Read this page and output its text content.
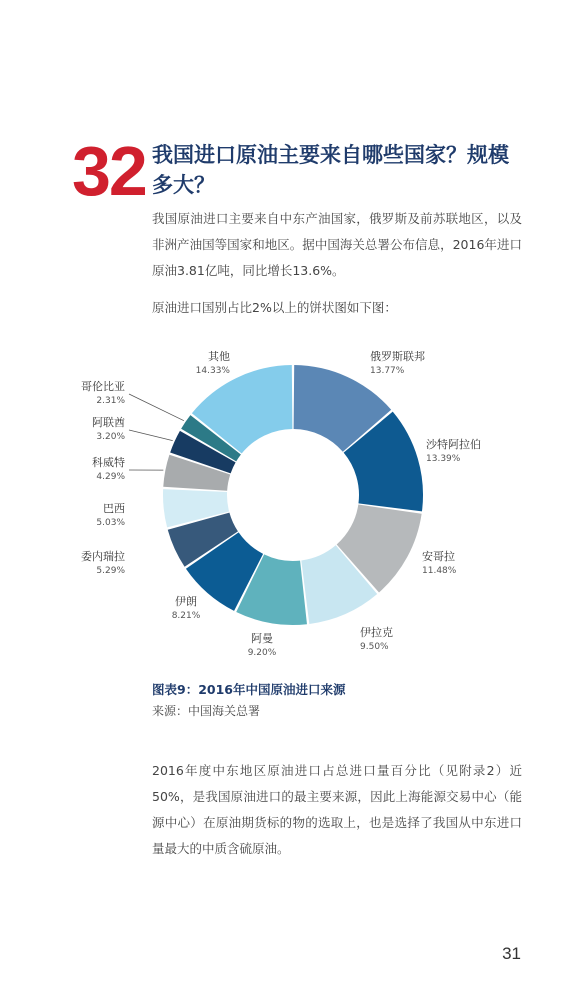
32 我国进口原油主要来自哪些国家？规模多大？
我国原油进口主要来自中东产油国家，俄罗斯及前苏联地区，以及非洲产油国等国家和地区。据中国海关总署公布信息，2016年进口原油3.81亿吨，同比增长13.6%。
原油进口国别占比2%以上的饼状图如下图：
俄罗斯联邦
13.77%
沙特阿拉伯
13.39%
安哥拉
11.48%
伊拉克
9.50%
阿曼
9.20%
伊朗
8.21%
委内瑞拉
5.29%
巴西
5.03%
科威特
4.29%
阿联酋
3.20%
哥伦比亚
2.31%
其他
14.33%
图表9：2016年中国原油进口来源
来源：中国海关总署
2016年度中东地区原油进口占总进口量百分比（见附录2）近50%，是我国原油进口的最主要来源，因此上海能源交易中心（能源中心）在原油期货标的物的选取上，也是选择了我国从中东进口量最大的中质含硫原油。
31
